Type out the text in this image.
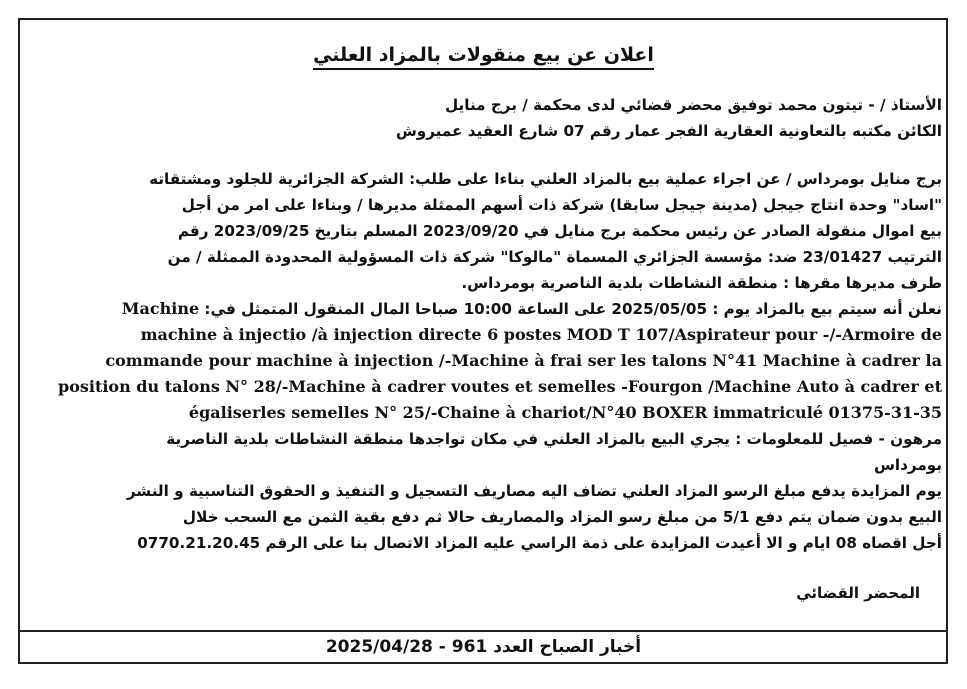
اعلان عن بيع منقولات بالمزاد العلني
الأستاذ / - تيتون محمد توفيق محضر قضائي لدى محكمة / برج منايل
الكائن مكتبه بالتعاونية العقارية الفجر عمار رقم 07 شارع العقيد عميروش
برج منايل بومرداس / عن اجراء عملية بيع بالمزاد العلني بناءا على طلب: الشركة الجزائرية للجلود ومشتقاته
"اساد" وحدة انتاج جيجل (مدينة جيجل سابقا) شركة ذات أسهم الممثلة مديرها / وبناءا على امر من أجل
بيع اموال منقولة الصادر عن رئيس محكمة برج منايل في 2023/09/20 المسلم بتاريخ 2023/09/25 رقم
الترتيب 23/01427 ضد: مؤسسة الجزائري المسماة "مالوكا" شركة ذات المسؤولية المحدودة الممثلة / من
طرف مديرها مقرها : منطقة النشاطات بلدية الناصرية بومرداس.
نعلن أنه سيتم بيع بالمزاد يوم : 2025/05/05 على الساعة 10:00 صباحا المال المنقول المتمثل في: Machine
machine à injectio /à injection directe 6 postes MOD T 107/Aspirateur pour -/-Armoire de
commande pour machine à injection /-Machine à frai ser les talons N°41 Machine à cadrer la
position du talons N° 28/-Machine à cadrer voutes et semelles -Fourgon /Machine Auto à cadrer et
égaliserles semelles N° 25/-Chaine à chariot/N°40 BOXER immatriculé 01375-31-35
مرهون - فصيل للمعلومات : يجري البيع بالمزاد العلني في مكان تواجدها منطقة النشاطات بلدية الناصرية
بومرداس
يوم المزايدة يدفع مبلغ الرسو المزاد العلني تضاف اليه مصاريف التسجيل و التنفيذ و الحقوق التناسبية و النشر
البيع بدون ضمان يتم دفع 5/1 من مبلغ رسو المزاد والمصاريف حالا ثم دفع بقية الثمن مع السحب خلال
أجل اقصاه 08 ايام و الا أعيدت المزايدة على ذمة الراسي عليه المزاد الاتصال بنا على الرقم 0770.21.20.45
المحضر القضائي
أخبار الصباح العدد 961 - 2025/04/28
